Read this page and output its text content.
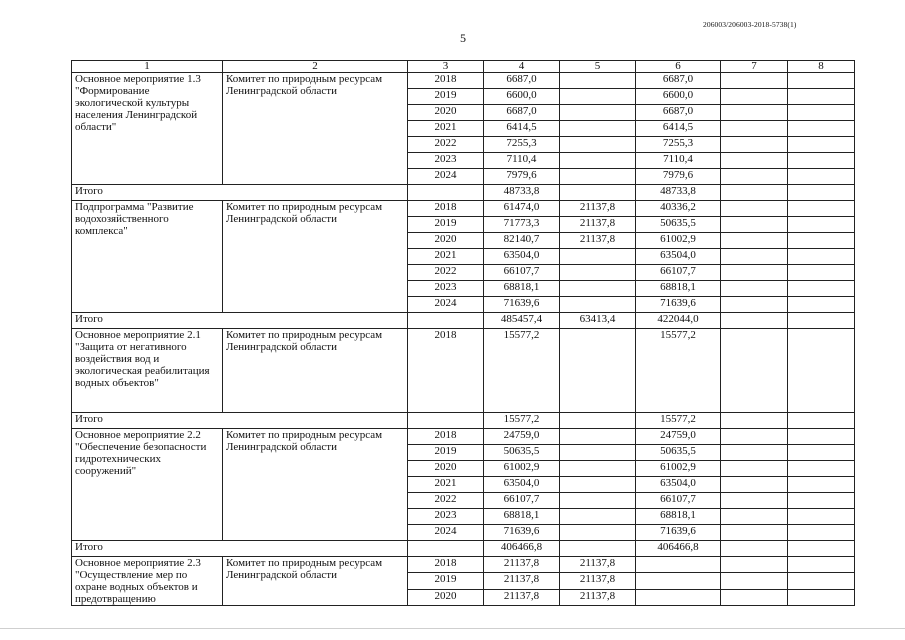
206003/206003-2018-5738(1)
5
1	2	3	4	5	6	7	8
Основное мероприятие 1.3 "Формирование экологической культуры населения Ленинградской области"	Комитет по природным ресурсам Ленинградской области	2018	6687,0		6687,0		
		2019	6600,0		6600,0		
		2020	6687,0		6687,0		
		2021	6414,5		6414,5		
		2022	7255,3		7255,3		
		2023	7110,4		7110,4		
		2024	7979,6		7979,6		
Итого			48733,8		48733,8		
Подпрограмма "Развитие водохозяйственного комплекса"	Комитет по природным ресурсам Ленинградской области	2018	61474,0	21137,8	40336,2		
		2019	71773,3	21137,8	50635,5		
		2020	82140,7	21137,8	61002,9		
		2021	63504,0		63504,0		
		2022	66107,7		66107,7		
		2023	68818,1		68818,1		
		2024	71639,6		71639,6		
Итого			485457,4	63413,4	422044,0		
Основное мероприятие 2.1 "Защита от негативного воздействия вод и экологическая реабилитация водных объектов"	Комитет по природным ресурсам Ленинградской области	2018	15577,2		15577,2		
Итого			15577,2		15577,2		
Основное мероприятие 2.2 "Обеспечение безопасности гидротехнических сооружений"	Комитет по природным ресурсам Ленинградской области	2018	24759,0		24759,0		
		2019	50635,5		50635,5		
		2020	61002,9		61002,9		
		2021	63504,0		63504,0		
		2022	66107,7		66107,7		
		2023	68818,1		68818,1		
		2024	71639,6		71639,6		
Итого			406466,8		406466,8		
Основное мероприятие 2.3 "Осуществление мер по охране водных объектов и предотвращению	Комитет по природным ресурсам Ленинградской области	2018	21137,8	21137,8			
		2019	21137,8	21137,8			
		2020	21137,8	21137,8			
